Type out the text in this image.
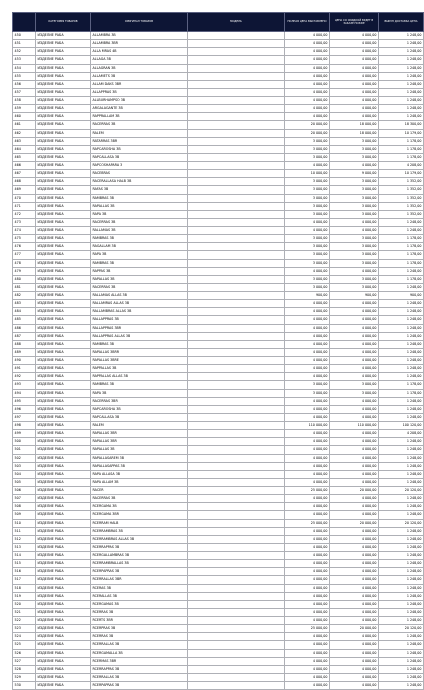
	КАТЕГОРИЯ ТОВАРОВ	ОРИГИНАЛ ТОВАРОВ	МОДЕЛЬ	ПОЛНАЯ ЦЕНА ВЫСТАВЛЕНО	ЦЕНА СО СКИДКОЙ БУДЕТ В ЗАКАЗЕ ПОЗЖЕ	ВЫКУП ДОСТАВКА ЦЕНА
450	ИЗДЕЛИЕ РАБА	ALLAMBRA 3B		4 000,00	4 000,00	1 248,00
451	ИЗДЕЛИЕ РАБА	ALLAMBRA 3BR		4 000,00	4 000,00	1 248,00
452	ИЗДЕЛИЕ РАБА	ALLA MRAS 4B		4 000,00	4 000,00	1 248,00
453	ИЗДЕЛИЕ РАБА	ALLAGA 3B		4 000,00	4 000,00	1 248,00
454	ИЗДЕЛИЕ РАБА	ALLAGRAN 3B		4 000,00	4 000,00	1 248,00
455	ИЗДЕЛИЕ РАБА	ALLAMETS 3B		4 000,00	4 000,00	1 248,00
456	ИЗДЕЛИЕ РАБА	ALLAM DAKS 3BR		4 000,00	4 000,00	1 248,00
457	ИЗДЕЛИЕ РАБА	ALLAPPRAS 3B		4 000,00	4 000,00	1 248,00
458	ИЗДЕЛИЕ РАБА	ALLBURHAMPSO 3B		4 000,00	4 000,00	1 248,00
459	ИЗДЕЛИЕ РАБА	ARGALAGANTE 3B		4 000,00	4 000,00	1 248,00
460	ИЗДЕЛИЕ РАБА	RAPPRALLAM 3B		4 000,00	4 000,00	1 248,00
461	ИЗДЕЛИЕ РАБА	RACERRAS 3B		20 000,00	18 000,00	18 300,00
462	ИЗДЕЛИЕ РАБА	RALEM		20 000,00	18 000,00	10 179,00
463	ИЗДЕЛИЕ РАБА	RATARRAS 3BR		3 000,00	3 000,00	1 178,00
464	ИЗДЕЛИЕ РАБА	RAPCAROSHA 3B		3 000,00	3 000,00	1 178,00
465	ИЗДЕЛИЕ РАБА	RAPCALLASA 3B		3 000,00	3 000,00	1 178,00
466	ИЗДЕЛИЕ РАБА	RAPCOSHAPARA 3		4 000,00	4 000,00	4 208,00
467	ИЗДЕЛИЕ РАБА	RACEBRAS		10 000,00	9 000,00	10 179,00
468	ИЗДЕЛИЕ РАБА	RACERALLASA HALB 3B		3 000,00	3 000,00	1 352,00
469	ИЗДЕЛИЕ РАБА	RAFAS 3B		3 000,00	3 000,00	1 352,00
470	ИЗДЕЛИЕ РАБА	RAMBRAS 3B		3 000,00	3 000,00	1 352,00
471	ИЗДЕЛИЕ РАБА	RAPALLAS 3B		3 000,00	3 000,00	1 352,00
472	ИЗДЕЛИЕ РАБА	RAPA 3B		3 000,00	3 000,00	1 352,00
473	ИЗДЕЛИЕ РАБА	RACERRAS 3B		4 000,00	4 000,00	1 248,00
474	ИЗДЕЛИЕ РАБА	RALLAMAS 3B		4 000,00	4 000,00	1 248,00
475	ИЗДЕЛИЕ РАБА	RAMBRAS 3B		3 000,00	3 000,00	1 178,00
476	ИЗДЕЛИЕ РАБА	RAGALLAM 3B		3 000,00	3 000,00	1 178,00
477	ИЗДЕЛИЕ РАБА	RAPA 3B		3 000,00	3 000,00	1 178,00
478	ИЗДЕЛИЕ РАБА	RAMBRAS 3B		3 000,00	3 000,00	1 178,00
479	ИЗДЕЛИЕ РАБА	RAPPAS 3B		4 000,00	4 000,00	1 248,00
480	ИЗДЕЛИЕ РАБА	RAPALLAS 3B		3 000,00	3 000,00	1 178,00
481	ИЗДЕЛИЕ РАБА	RACERRAS 3B		3 000,00	3 000,00	1 248,00
482	ИЗДЕЛИЕ РАБА	RALLAMAS ALLAS 3B		900,00	900,00	900,00
483	ИЗДЕЛИЕ РАБА	RALLAMRAS ALLAS 3B		4 000,00	4 000,00	1 248,00
484	ИЗДЕЛИЕ РАБА	RALLAMBRAS ALLAS 3B		4 000,00	4 000,00	1 248,00
485	ИЗДЕЛИЕ РАБА	RALLAPPRAS 3B		4 000,00	4 000,00	1 248,00
486	ИЗДЕЛИЕ РАБА	RALLAPPRAS 3BR		4 000,00	4 000,00	1 248,00
487	ИЗДЕЛИЕ РАБА	RALLAPPRAS ALLAS 3B		4 000,00	4 000,00	1 248,00
488	ИЗДЕЛИЕ РАБА	RAMBRAS 3B		4 000,00	4 000,00	1 248,00
489	ИЗДЕЛИЕ РАБА	RAPALLAS 3BRR		4 000,00	4 000,00	1 248,00
490	ИЗДЕЛИЕ РАБА	RAPALLAS 3BRE		4 000,00	4 000,00	1 248,00
491	ИЗДЕЛИЕ РАБА	RAPPALLAS 3B		4 000,00	4 000,00	1 248,00
492	ИЗДЕЛИЕ РАБА	RAPPALLAS ALLAS 3B		4 000,00	4 000,00	1 248,00
493	ИЗДЕЛИЕ РАБА	RAMBRAS 3B		3 000,00	3 000,00	1 178,00
494	ИЗДЕЛИЕ РАБА	RAPA 3B		3 000,00	3 000,00	1 178,00
495	ИЗДЕЛИЕ РАБА	RACERRAS 3BR		4 000,00	4 000,00	1 248,00
496	ИЗДЕЛИЕ РАБА	RAPCAROSHA 3B		4 000,00	4 000,00	1 248,00
497	ИЗДЕЛИЕ РАБА	RAPCALLASA 3B		4 000,00	4 000,00	1 248,00
498	ИЗДЕЛИЕ РАБА	RALEM		110 000,00	110 000,00	100 120,00
499	ИЗДЕЛИЕ РАБА	RAPALLAS 3BR		4 000,00	4 000,00	4 208,00
500	ИЗДЕЛИЕ РАБА	RAPALLAS 3BR		4 000,00	4 000,00	1 248,00
501	ИЗДЕЛИЕ РАБА	RAPALLAS 3B		4 000,00	4 000,00	1 248,00
502	ИЗДЕЛИЕ РАБА	RAPALLASAREM 3B		4 000,00	4 000,00	1 248,00
503	ИЗДЕЛИЕ РАБА	RAPALLASAPPAS 3B		4 000,00	4 000,00	1 248,00
504	ИЗДЕЛИЕ РАБА	RAPA ALLASA 3B		4 000,00	4 000,00	1 248,00
505	ИЗДЕЛИЕ РАБА	RAPA ALLAM 3B		4 000,00	4 000,00	1 248,00
506	ИЗДЕЛИЕ РАБА	RACER		25 000,00	20 000,00	20 120,00
507	ИЗДЕЛИЕ РАБА	RACERRAS 3B		4 000,00	4 000,00	1 248,00
508	ИЗДЕЛИЕ РАБА	RCERGAMA 3B		4 000,00	4 000,00	1 248,00
509	ИЗДЕЛИЕ РАБА	RCERGAMA 3BR		4 000,00	4 000,00	1 248,00
510	ИЗДЕЛИЕ РАБА	RCERRAM HALB		25 000,00	20 000,00	20 120,00
511	ИЗДЕЛИЕ РАБА	RCERRAMBRAS 3B		4 000,00	4 000,00	1 248,00
512	ИЗДЕЛИЕ РАБА	RCERRAMBRAS ALLAS 3B		4 000,00	4 000,00	1 248,00
513	ИЗДЕЛИЕ РАБА	RCERRAPPAS 3B		4 000,00	4 000,00	1 248,00
514	ИЗДЕЛИЕ РАБА	RCERGALLAMBRAS 3B		4 000,00	4 000,00	1 248,00
515	ИЗДЕЛИЕ РАБА	RCERRAMBRALLAS 3B		4 000,00	4 000,00	1 248,00
516	ИЗДЕЛИЕ РАБА	RCERPAPRAS 3B		4 000,00	4 000,00	1 248,00
517	ИЗДЕЛИЕ РАБА	RCERRALLAS 3BR		4 000,00	4 000,00	1 248,00
518	ИЗДЕЛИЕ РАБА	RCERAS 3B		4 000,00	4 000,00	1 248,00
519	ИЗДЕЛИЕ РАБА	RCERALLAS 3B		4 000,00	4 000,00	1 248,00
520	ИЗДЕЛИЕ РАБА	RCERGAMAS 3B		4 000,00	4 000,00	1 248,00
521	ИЗДЕЛИЕ РАБА	RCERRAS 3B		4 000,00	4 000,00	1 248,00
522	ИЗДЕЛИЕ РАБА	RCERTS 3BR		4 000,00	4 000,00	1 248,00
523	ИЗДЕЛИЕ РАБА	RCERPRAS 3B		25 000,00	20 000,00	20 120,00
524	ИЗДЕЛИЕ РАБА	RCERRAS 3B		4 000,00	4 000,00	1 248,00
525	ИЗДЕЛИЕ РАБА	RCERRALLAS 3B		4 000,00	4 000,00	1 248,00
526	ИЗДЕЛИЕ РАБА	RCERGAMALLA 3B		4 000,00	4 000,00	1 248,00
527	ИЗДЕЛИЕ РАБА	RCERMAS 3BR		4 000,00	4 000,00	1 248,00
528	ИЗДЕЛИЕ РАБА	RCERRAPPAS 3B		4 000,00	4 000,00	1 248,00
529	ИЗДЕЛИЕ РАБА	RCERRALLAS 3B		4 000,00	4 000,00	1 248,00
530	ИЗДЕЛИЕ РАБА	RCERPAPRAS 3B		4 000,00	4 000,00	1 248,00
